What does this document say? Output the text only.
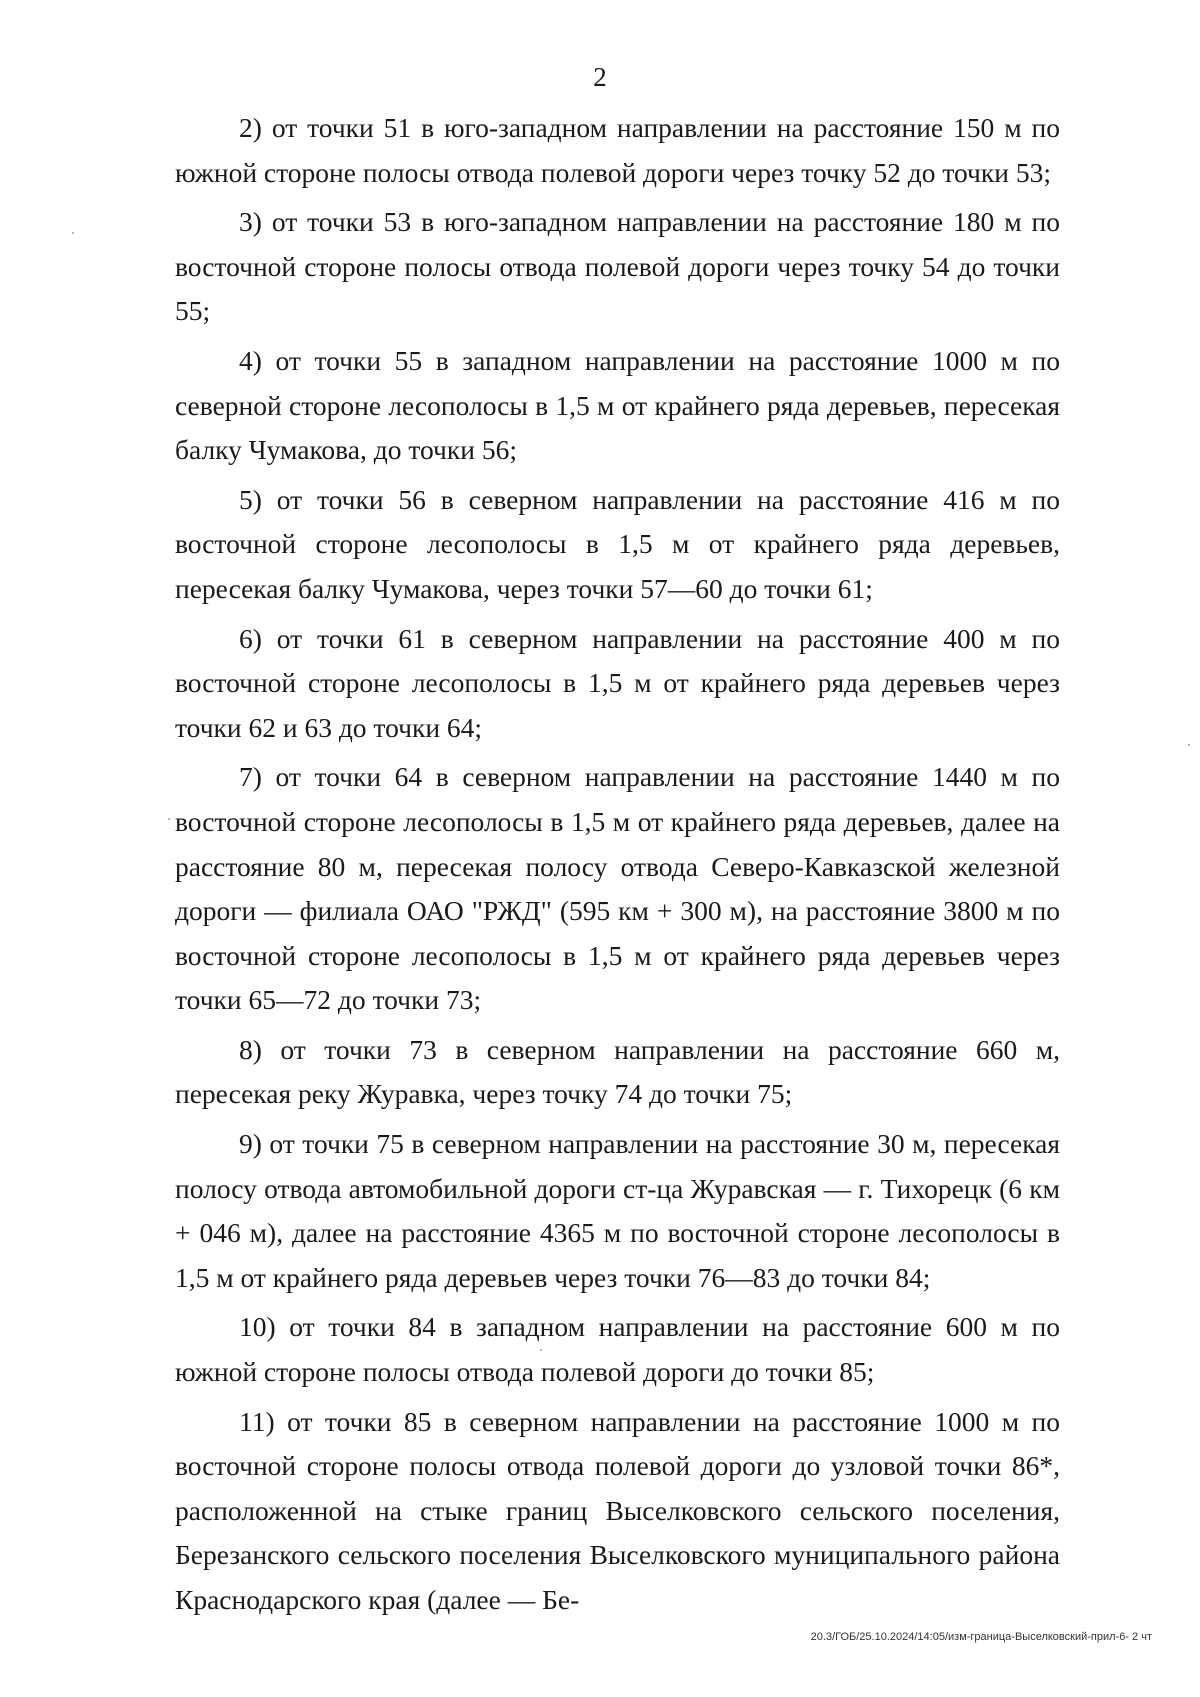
2

2) от точки 51 в юго-западном направлении на расстояние 150 м по южной стороне полосы отвода полевой дороги через точку 52 до точки 53;

3) от точки 53 в юго-западном направлении на расстояние 180 м по восточной стороне полосы отвода полевой дороги через точку 54 до точки 55;

4) от точки 55 в западном направлении на расстояние 1000 м по северной стороне лесополосы в 1,5 м от крайнего ряда деревьев, пересекая балку Чумакова, до точки 56;

5) от точки 56 в северном направлении на расстояние 416 м по восточной стороне лесополосы в 1,5 м от крайнего ряда деревьев, пересекая балку Чумакова, через точки 57—60 до точки 61;

6) от точки 61 в северном направлении на расстояние 400 м по восточной стороне лесополосы в 1,5 м от крайнего ряда деревьев через точки 62 и 63 до точки 64;

7) от точки 64 в северном направлении на расстояние 1440 м по восточной стороне лесополосы в 1,5 м от крайнего ряда деревьев, далее на расстояние 80 м, пересекая полосу отвода Северо-Кавказской железной дороги — филиала ОАО "РЖД" (595 км + 300 м), на расстояние 3800 м по восточной стороне лесополосы в 1,5 м от крайнего ряда деревьев через точки 65—72 до точки 73;

8) от точки 73 в северном направлении на расстояние 660 м, пересекая реку Журавка, через точку 74 до точки 75;

9) от точки 75 в северном направлении на расстояние 30 м, пересекая полосу отвода автомобильной дороги ст-ца Журавская — г. Тихорецк (6 км + 046 м), далее на расстояние 4365 м по восточной стороне лесополосы в 1,5 м от крайнего ряда деревьев через точки 76—83 до точки 84;

10) от точки 84 в западном направлении на расстояние 600 м по южной стороне полосы отвода полевой дороги до точки 85;

11) от точки 85 в северном направлении на расстояние 1000 м по восточной стороне полосы отвода полевой дороги до узловой точки 86*, расположенной на стыке границ Выселковского сельского поселения, Березанского сельского поселения Выселковского муниципального района Краснодарского края (далее — Бе-

20.3/ГОБ/25.10.2024/14:05/изм-граница-Выселковский-прил-6- 2 чт
